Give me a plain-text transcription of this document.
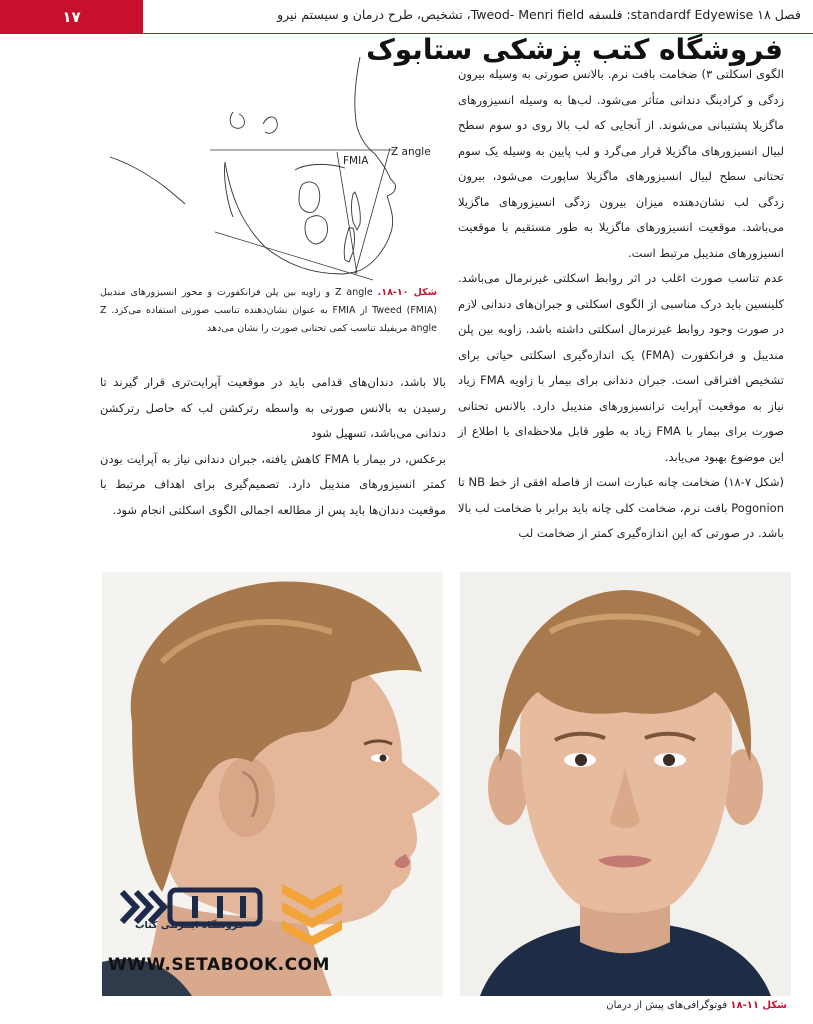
۱۷	فصل ۱۸ standardf Edyewise: فلسفه Tweod- Menri field، تشخیص، طرح درمان و سیستم نیرو
فروشگاه کتب پزشکی ستابوک
FMIA
Z angle
شکل ۱۰-۱۸. Z angle و زاویه بین پلن فرانکفورت و محور انسیزورهای مندیبل Tweed (FMIA) از FMIA به عنوان نشان‌دهنده تناسب صورتی استفاده می‌کرد. Z angle مریفیلد تناسب کمی تحتانی صورت را نشان می‌دهد

الگوی اسکلتی ۳) ضخامت بافت نرم. بالانس صورتی به وسیله بیرون زدگی و کرادینگ دندانی متأثر می‌شود. لب‌ها به وسیله انسیزورهای ماگزیلا پشتیبانی می‌شوند. از آنجایی که لب بالا روی دو سوم سطح لبیال انسیزورهای ماگزیلا قرار می‌گرد و لب پایین به وسیله یک سوم تحتانی سطح لبیال انسیزورهای ماگزیلا ساپورت می‌شود، بیرون زدگی لب نشان‌دهنده میزان بیرون زدگی انسیزورهای ماگزیلا می‌باشد. موقعیت انسیزورهای ماگزیلا به طور مستقیم با موقعیت انسیزورهای مندیبل مرتبط است.

عدم تناسب صورت اغلب در اثر روابط اسکلتی غیرنرمال می‌باشد. کلینسین باید درک مناسبی از الگوی اسکلتی و جبران‌های دندانی لازم در صورت وجود روابط غیرنرمال اسکلتی داشته باشد. زاویه بین پلن مندیبل و فرانکفورت (FMA) یک اندازه‌گیری اسکلتی حیاتی برای تشخیص افتراقی است. جبران دندانی برای بیمار با زاویه FMA زیاد نیاز به موقعیت آپرایت ترانسیزورهای مندیبل دارد. بالانس تحتانی صورت برای بیمار با FMA زیاد به طور قابل ملاحظه‌ای با اطلاع از این موضوع بهبود می‌یابد.

(شکل ۷-۱۸) ضخامت چانه عبارت است از فاصله افقی از خط NB تا Pogonion بافت نرم، ضخامت کلی چانه باید برابر با ضخامت لب بالا باشد. در صورتی که این اندازه‌گیری کمتر از ضخامت لب

بالا باشد، دندان‌های قدامی باید در موقعیت آپرایت‌تری قرار گیرند تا رسیدن به بالانس صورتی به واسطه رترکشن لب که حاصل رترکشن دندانی می‌باشد، تسهیل شود

برعکس، در بیمار با FMA کاهش یافته، جبران دندانی نیاز به آپرایت بودن کمتر انسیزورهای مندیبل دارد. تصمیم‌گیری برای اهداف مرتبط با موقعیت دندان‌ها باید پس از مطالعه اجمالی الگوی اسکلتی انجام شود.

فروشگاه اینترنتی کتاب
WWW.SETABOOK.COM
شکل ۱۱-۱۸ فوتوگرافی‌های پیش از درمان
